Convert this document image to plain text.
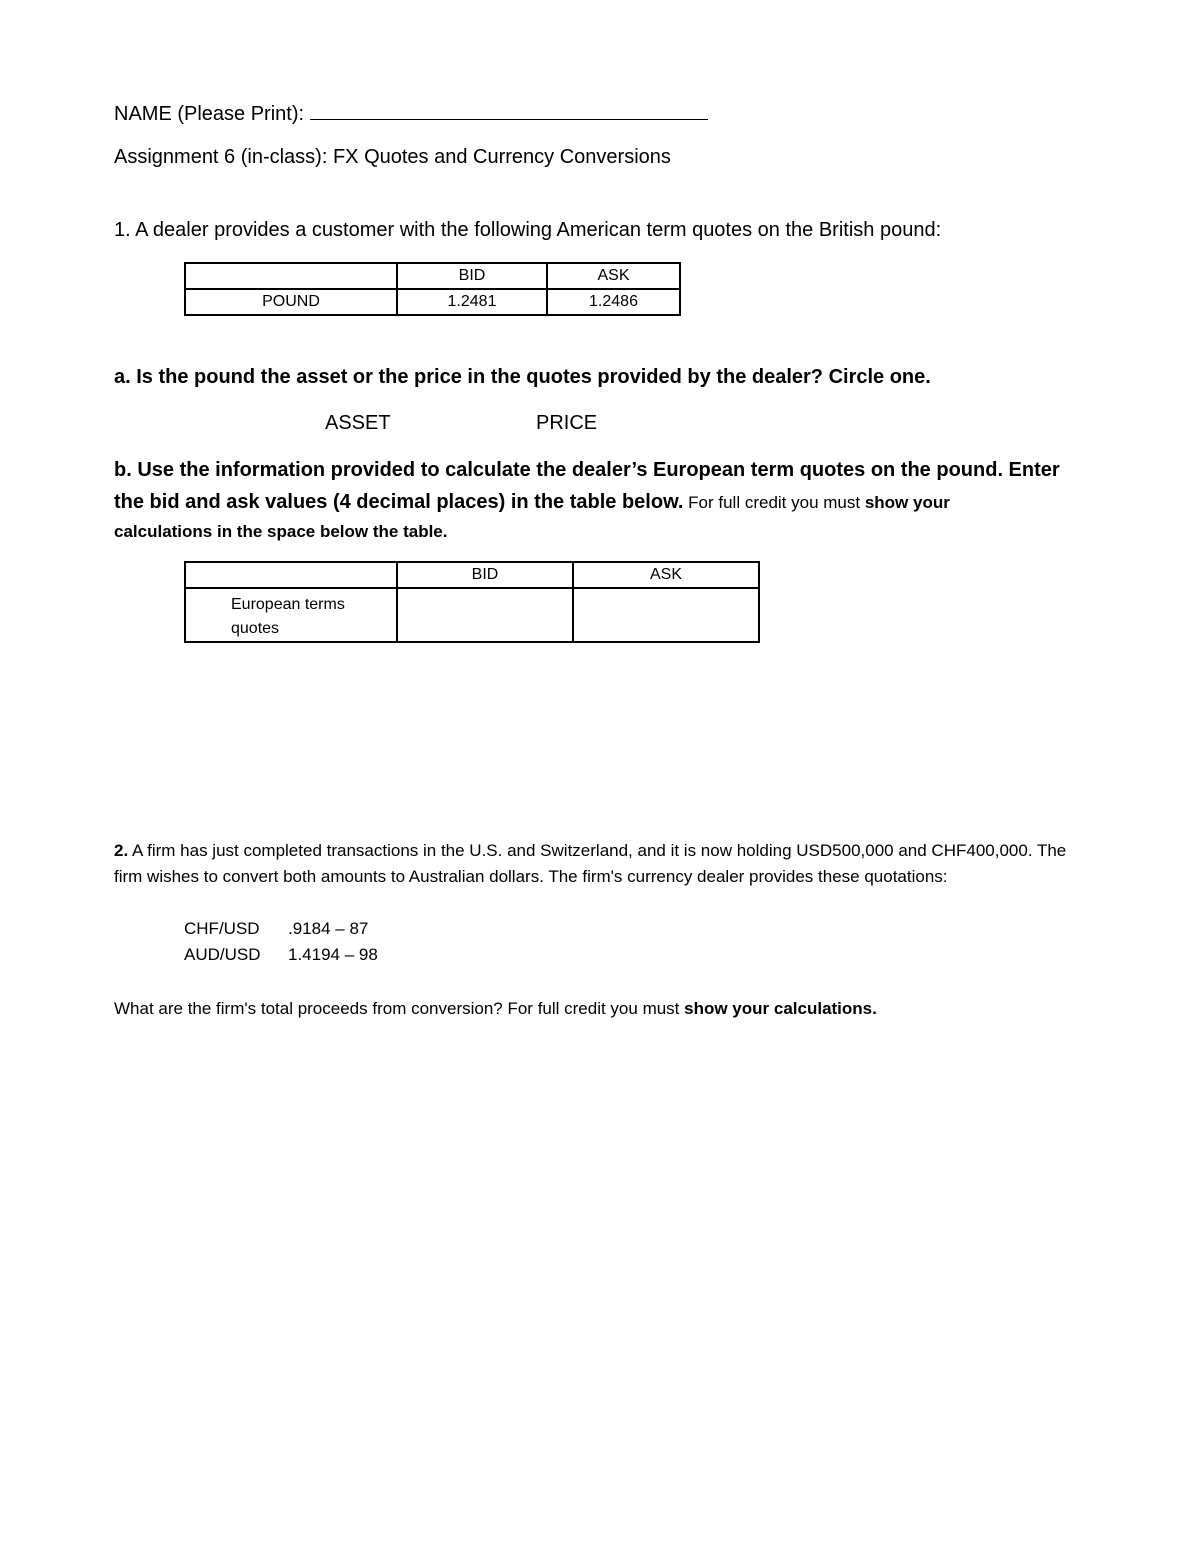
NAME (Please Print):
Assignment 6 (in-class): FX Quotes and Currency Conversions
1. A dealer provides a customer with the following American term quotes on the British pound:
	BID	ASK
POUND	1.2481	1.2486
a. Is the pound the asset or the price in the quotes provided by the dealer? Circle one.
ASSET	PRICE
b. Use the information provided to calculate the dealer’s European term quotes on the pound. Enter
the bid and ask values (4 decimal places) in the table below. For full credit you must show your
calculations in the space below the table.
	BID	ASK
European terms quotes		
2. A firm has just completed transactions in the U.S. and Switzerland, and it is now holding USD500,000 and CHF400,000. The firm wishes to convert both amounts to Australian dollars. The firm's currency dealer provides these quotations:
CHF/USD .9184 – 87
AUD/USD 1.4194 – 98
What are the firm's total proceeds from conversion? For full credit you must show your calculations.
